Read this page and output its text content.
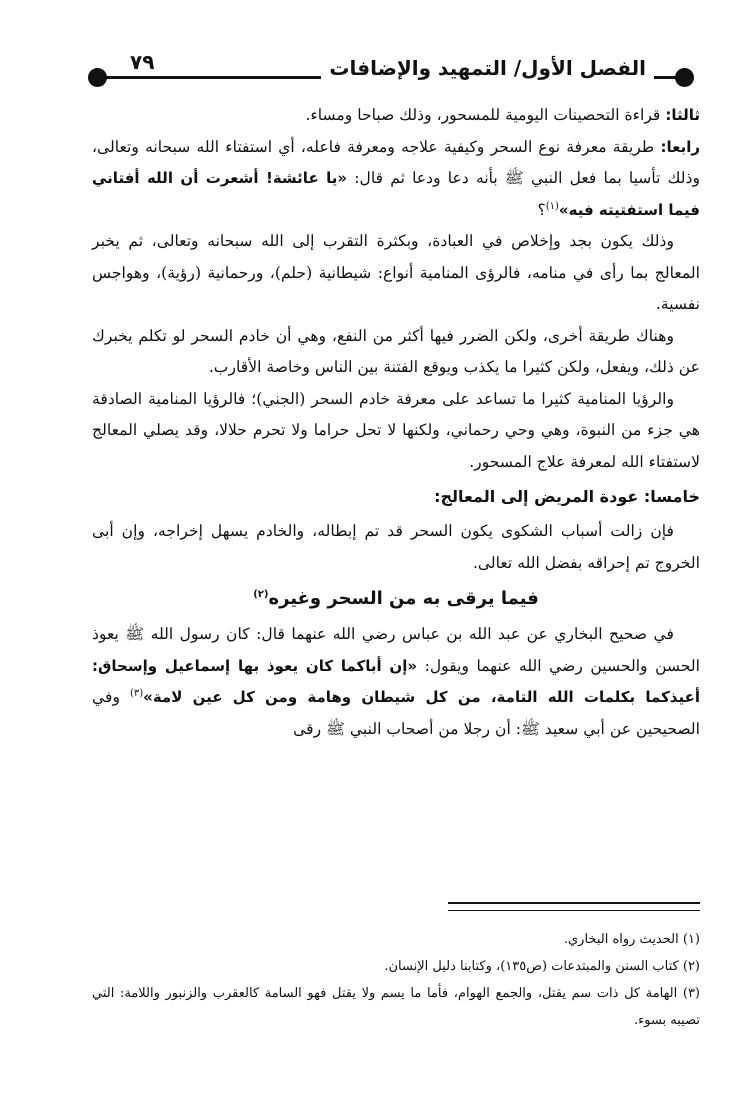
الفصل الأول/ التمهيد والإضافات
٧٩

ثالثا: قراءة التحصينات اليومية للمسحور، وذلك صباحا ومساء.

رابعا: طريقة معرفة نوع السحر وكيفية علاجه ومعرفة فاعله، أي استفتاء الله سبحانه وتعالى، وذلك تأسيا بما فعل النبي ﷺ بأنه دعا ودعا ثم قال: «يا عائشة! أشعرت أن الله أفتاني فيما استفتيته فيه»$^{(١)}$؟

وذلك يكون بجد وإخلاص في العبادة، وبكثرة التقرب إلى الله سبحانه وتعالى، ثم يخبر المعالج بما رأى في منامه، فالرؤى المنامية أنواع: شيطانية (حلم)، ورحمانية (رؤية)، وهواجس نفسية.

وهناك طريقة أخرى، ولكن الضرر فيها أكثر من النفع، وهي أن خادم السحر لو تكلم يخبرك عن ذلك، ويفعل، ولكن كثيرا ما يكذب ويوقع الفتنة بين الناس وخاصة الأقارب.

والرؤيا المنامية كثيرا ما تساعد على معرفة خادم السحر (الجني)؛ فالرؤيا المنامية الصادقة هي جزء من النبوة، وهي وحي رحماني، ولكنها لا تحل حراما ولا تحرم حلالا، وقد يصلي المعالج لاستفتاء الله لمعرفة علاج المسحور.

خامسا: عودة المريض إلى المعالج:

فإن زالت أسباب الشكوى يكون السحر قد تم إبطاله، والخادم يسهل إخراجه، وإن أبى الخروج تم إحراقه بفضل الله تعالى.

فيما يرقى به من السحر وغيره$^{(٢)}$

في صحيح البخاري عن عبد الله بن عباس رضي الله عنهما قال: كان رسول الله ﷺ يعوذ الحسن والحسين رضي الله عنهما ويقول: «إن أباكما كان يعوذ بها إسماعيل وإسحاق: أعيذكما بكلمات الله التامة، من كل شيطان وهامة ومن كل عين لامة»$^{(٣)}$ وفي الصحيحين عن أبي سعيد ﷺ: أن رجلا من أصحاب النبي ﷺ رقى

(١) الحديث رواه البخاري.

(٢) كتاب السنن والمبتدعات (ص١٣٥)، وكتابنا دليل الإنسان.

(٣) الهامة كل ذات سم يقتل، والجمع الهوام، فأما ما يسم ولا يقتل فهو السامة كالعقرب والزنبور واللامة: التي تصيبه بسوء.
